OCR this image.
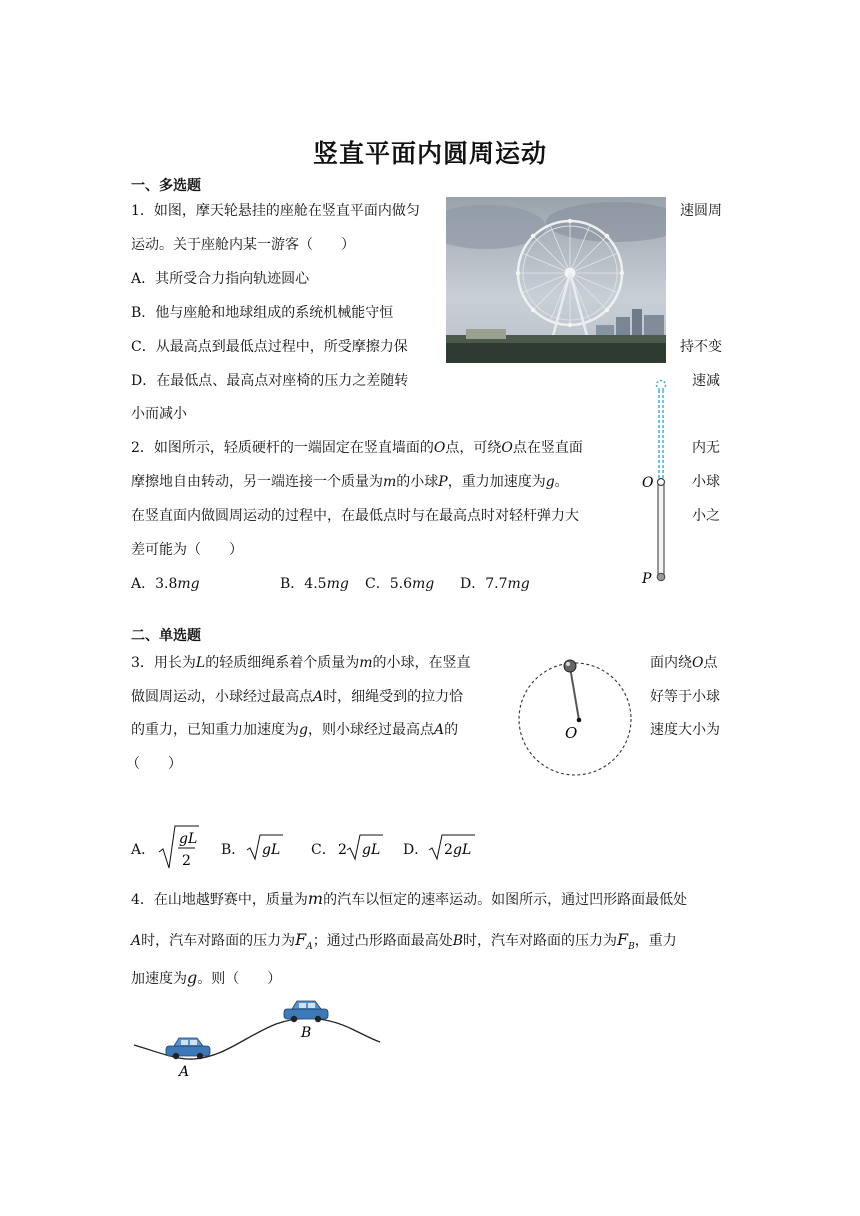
竖直平面内圆周运动
一、多选题
1．如图，摩天轮悬挂的座舱在竖直平面内做匀	速圆周
运动。关于座舱内某一游客（　　）
A．其所受合力指向轨迹圆心
B．他与座舱和地球组成的系统机械能守恒
C．从最高点到最低点过程中，所受摩擦力保	持不变
D．在最低点、最高点对座椅的压力之差随转	速减
小而减小
2．如图所示，轻质硬杆的一端固定在竖直墙面的O点，可绕O点在竖直面	内无
摩擦地自由转动，另一端连接一个质量为m的小球P，重力加速度为g。	小球
在竖直面内做圆周运动的过程中，在最低点时与在最高点时对轻杆弹力大	小之
差可能为（　　）
A．3.8mg	B．4.5mg C．5.6mg D．7.7mg
O
P
二、单选题
3．用长为L的轻质细绳系着个质量为m的小球，在竖直	面内绕O点
做圆周运动，小球经过最高点A时，细绳受到的拉力恰	好等于小球
的重力，已知重力加速度为g，则小球经过最高点A的	速度大小为
（　　）
O
A．
gL
2
B． gL C． 2 gL D． 2 gL
4．在山地越野赛中，质量为m的汽车以恒定的速率运动。如图所示，通过凹形路面最低处
A时，汽车对路面的压力为$F_A$；通过凸形路面最高处B时，汽车对路面的压力为$F_B$，重力
加速度为g。则（　　）
A
B
